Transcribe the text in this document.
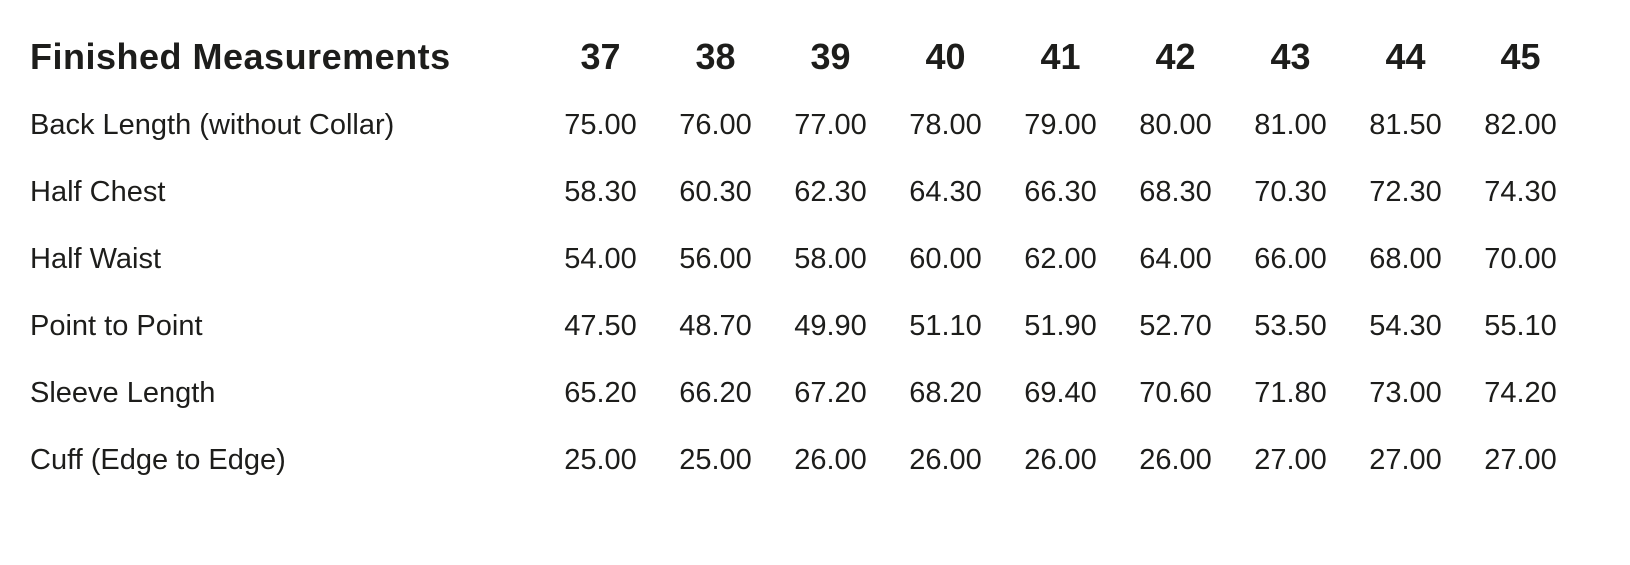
Finished Measurements	37	38	39	40	41	42	43	44	45
Back Length (without Collar)	75.00	76.00	77.00	78.00	79.00	80.00	81.00	81.50	82.00
Half Chest	58.30	60.30	62.30	64.30	66.30	68.30	70.30	72.30	74.30
Half Waist	54.00	56.00	58.00	60.00	62.00	64.00	66.00	68.00	70.00
Point to Point	47.50	48.70	49.90	51.10	51.90	52.70	53.50	54.30	55.10
Sleeve Length	65.20	66.20	67.20	68.20	69.40	70.60	71.80	73.00	74.20
Cuff (Edge to Edge)	25.00	25.00	26.00	26.00	26.00	26.00	27.00	27.00	27.00
